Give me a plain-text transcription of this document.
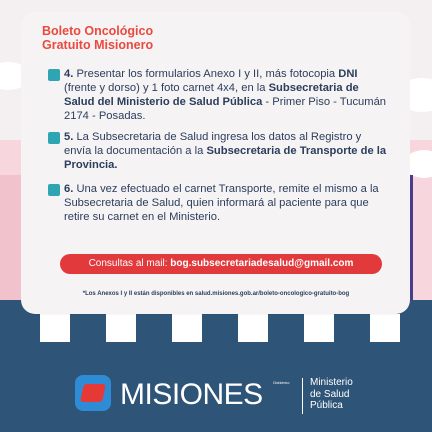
Boleto Oncológico
Gratuito Misionero
4. Presentar los formularios Anexo I y II, más fotocopia DNI (frente y dorso) y 1 foto carnet 4x4, en la Subsecretaria de Salud del Ministerio de Salud Pública - Primer Piso - Tucumán 2174 - Posadas.
5. La Subsecretaria de Salud ingresa los datos al Registro y envía la documentación a la Subsecretaria de Transporte de la Provincia.
6. Una vez efectuado el carnet Transporte, remite el mismo a la Subsecretaria de Salud, quien informará al paciente para que retire su carnet en el Ministerio.
Consultas al mail: bog.subsecretariadesalud@gmail.com
*Los Anexos I y II están disponibles en salud.misiones.gob.ar/boleto-oncologico-gratuito-bog
MISIONES	Gobierno Ministerio
de Salud
Pública
